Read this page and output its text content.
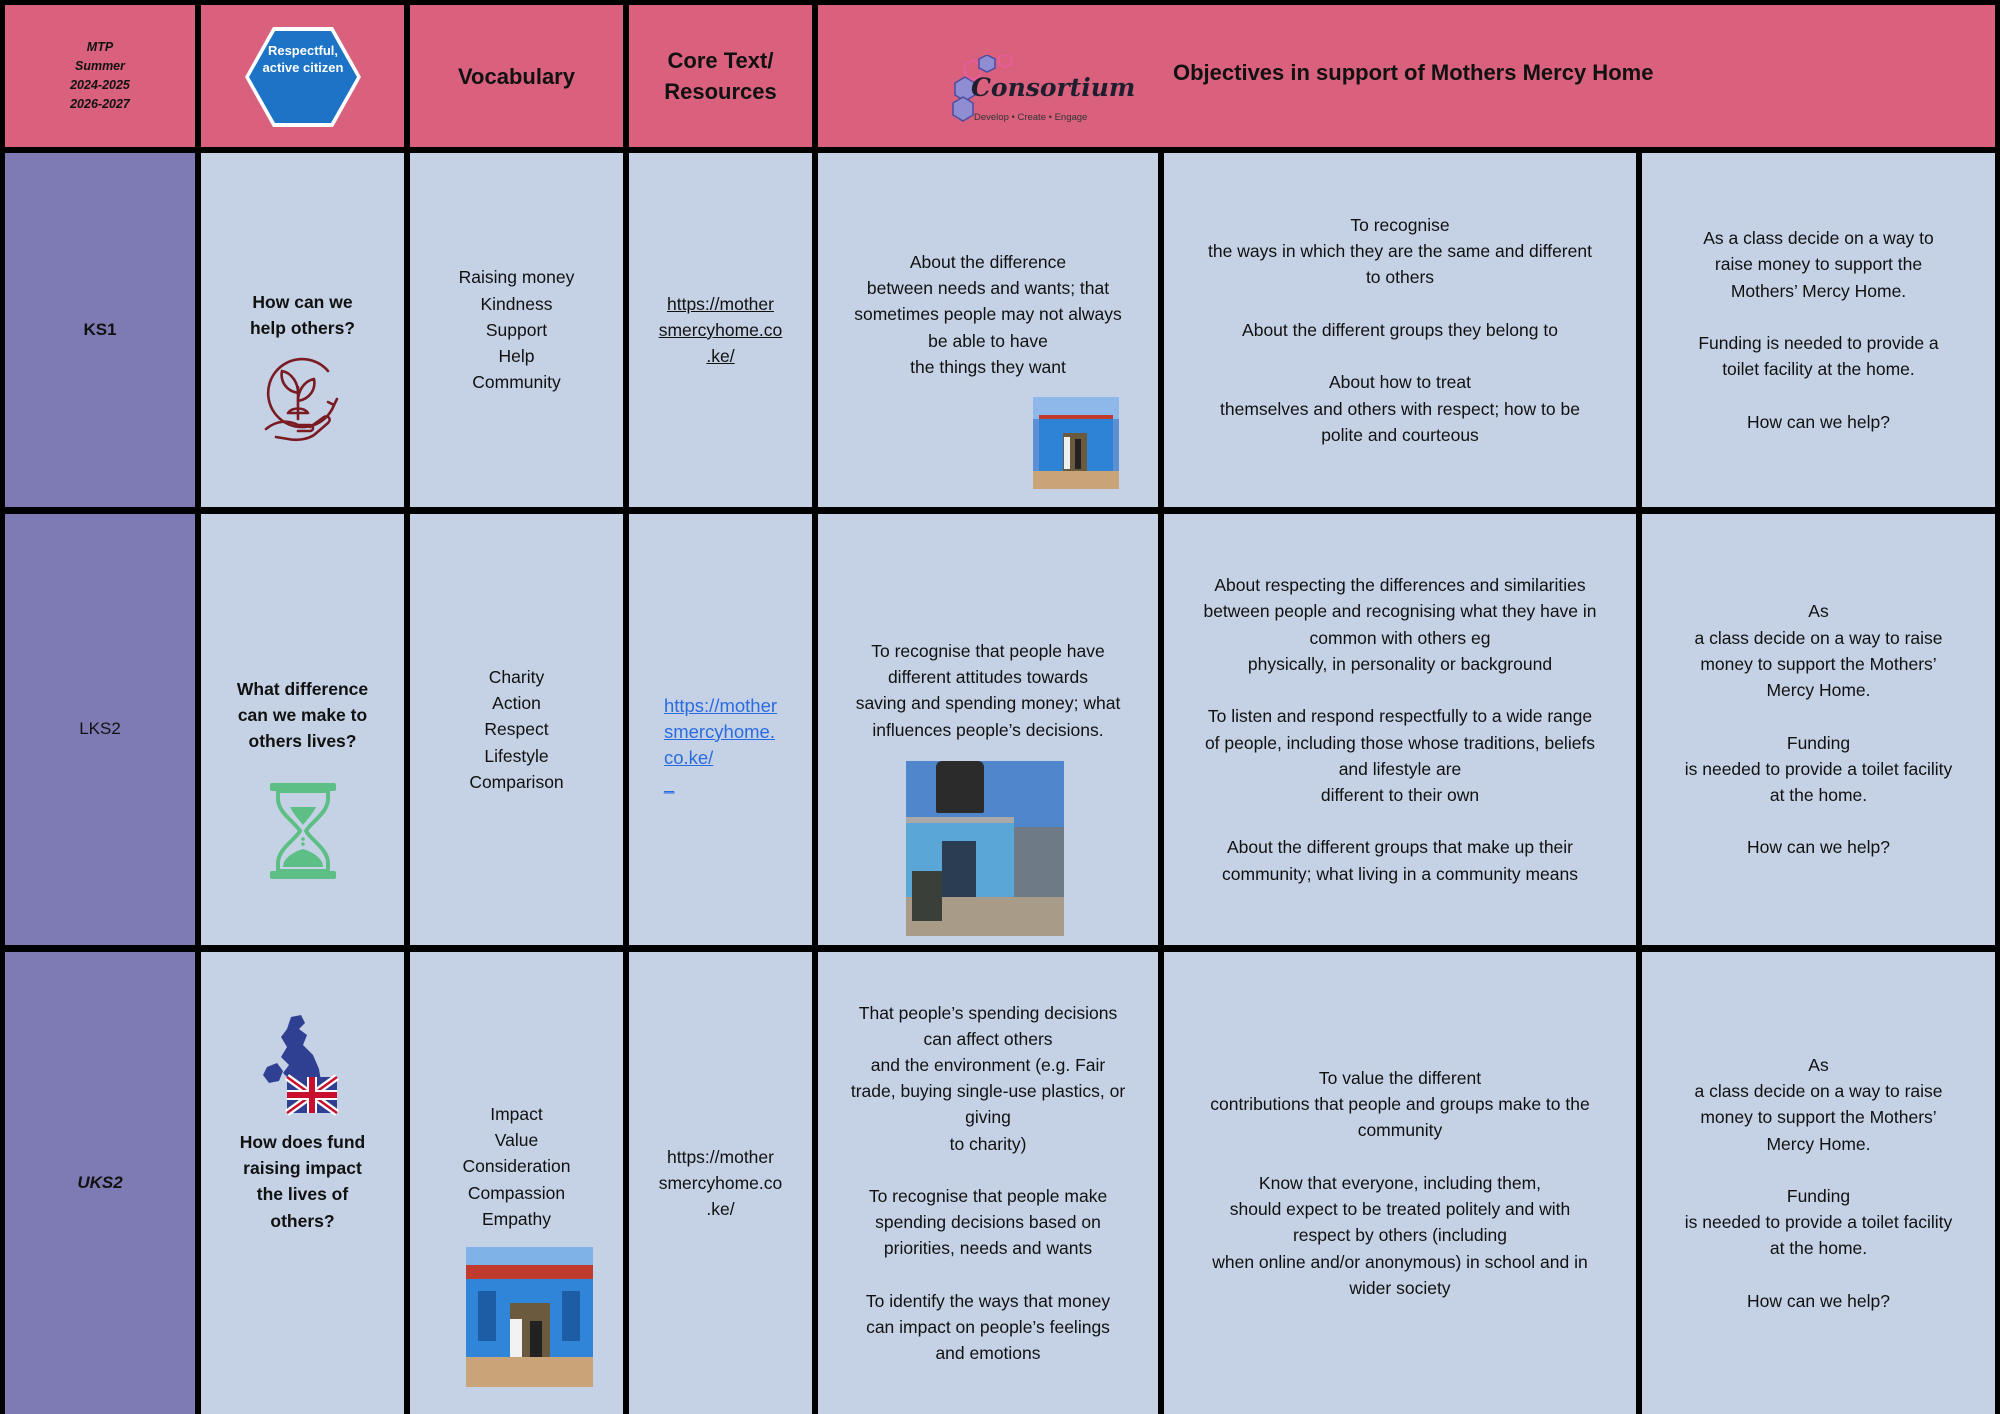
MTP
Summer
2024-2025
2026-2027
Respectful,
active citizen	Vocabulary
Core Text/
Resources	Consortium
Develop • Create • Engage
Objectives in support of Mothers Mercy Home
KS1
How can we
help others?
Raising money
Kindness
Support
Help
Community
https://mother
smercyhome.co
.ke/
About the difference
between needs and wants; that
sometimes people may not always
be able to have
the things they want
To recognise
the ways in which they are the same and different
to others

About the different groups they belong to

About how to treat
themselves and others with respect; how to be
polite and courteous
As a class decide on a way to
raise money to support the
Mothers’ Mercy Home.

Funding is needed to provide a
toilet facility at the home.

How can we help?
LKS2
What difference
can we make to
others lives?
Charity
Action
Respect
Lifestyle
Comparison
https://mother
smercyhome.
co.ke/
_
To recognise that people have
different attitudes towards
saving and spending money; what
influences people’s decisions.
About respecting the differences and similarities
between people and recognising what they have in
common with others eg
physically, in personality or background

To listen and respond respectfully to a wide range
of people, including those whose traditions, beliefs
and lifestyle are
different to their own

About the different groups that make up their
community; what living in a community means
As
a class decide on a way to raise
money to support the Mothers’
Mercy Home.

Funding
is needed to provide a toilet facility
at the home.

How can we help?
UKS2
How does fund
raising impact
the lives of
others?
Impact
Value
Consideration
Compassion
Empathy
https://mother
smercyhome.co
.ke/
That people’s spending decisions
can affect others
and the environment (e.g. Fair
trade, buying single-use plastics, or
giving
to charity)

To recognise that people make
spending decisions based on
priorities, needs and wants

To identify the ways that money
can impact on people’s feelings
and emotions
To value the different
contributions that people and groups make to the
community

Know that everyone, including them,
should expect to be treated politely and with
respect by others (including
when online and/or anonymous) in school and in
wider society
As
a class decide on a way to raise
money to support the Mothers’
Mercy Home.

Funding
is needed to provide a toilet facility
at the home.

How can we help?
